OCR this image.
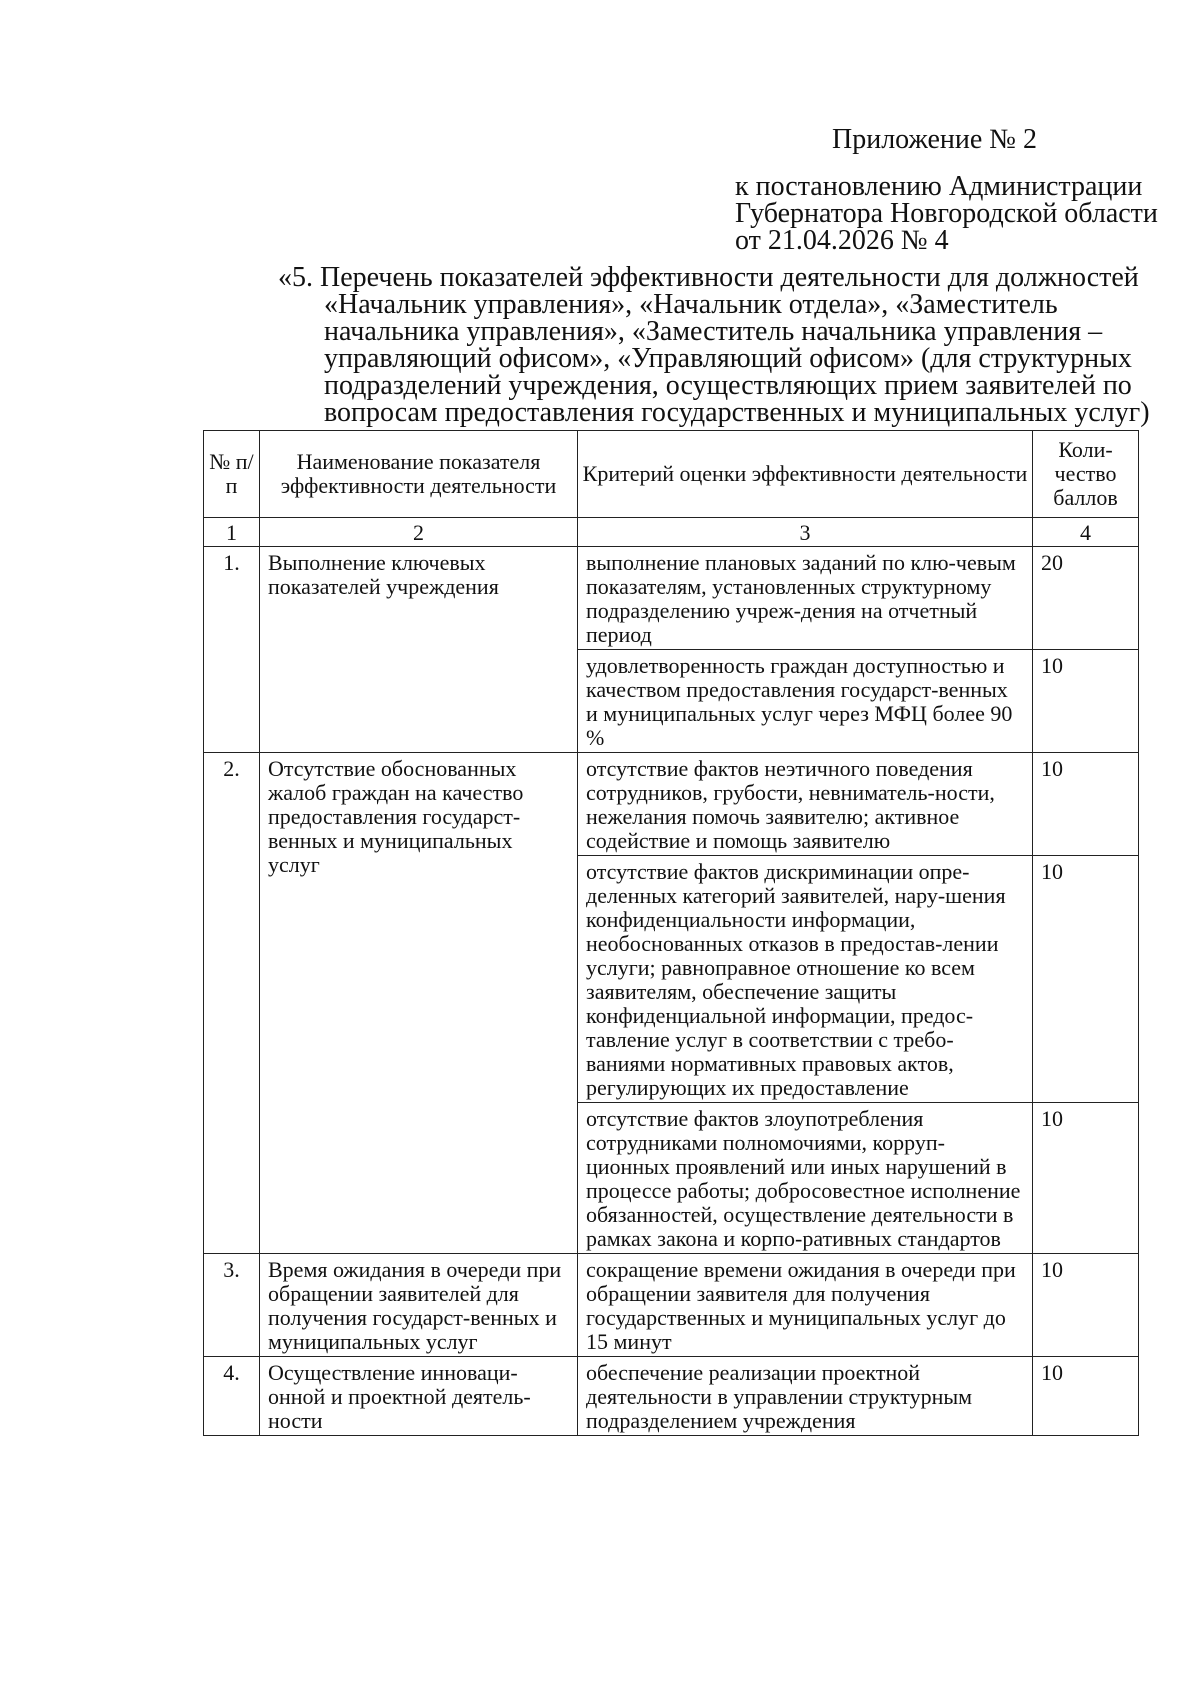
Приложение № 2
к постановлению Администрации
Губернатора Новгородской области
от 21.04.2026 № 4
«5. Перечень показателей эффективности деятельности для должностей
«Начальник управления», «Начальник отдела», «Заместитель начальника управления», «Заместитель начальника управления – управляющий офисом», «Управляющий офисом» (для структурных подразделений учреждения, осуществляющих прием заявителей по вопросам предоставления государственных и муниципальных услуг)
№ п/п	Наименование показателя эффективности деятельности	Критерий оценки эффективности деятельности	Коли-чество баллов
1	2	3	4
1.	Выполнение ключевых показателей учреждения	выполнение плановых заданий по клю-чевым показателям, установленных структурному подразделению учреж-дения на отчетный период	20
		удовлетворенность граждан доступностью и качеством предоставления государст-венных и муниципальных услуг через МФЦ более 90 %	10
2.	Отсутствие обоснованных жалоб граждан на качество предоставления государст-венных и муниципальных услуг	отсутствие фактов неэтичного поведения сотрудников, грубости, невниматель-ности, нежелания помочь заявителю; активное содействие и помощь заявителю	10
		отсутствие фактов дискриминации опре-деленных категорий заявителей, нару-шения конфиденциальности информации, необоснованных отказов в предостав-лении услуги; равноправное отношение ко всем заявителям, обеспечение защиты конфиденциальной информации, предос-тавление услуг в соответствии с требо-ваниями нормативных правовых актов, регулирующих их предоставление	10
		отсутствие фактов злоупотребления сотрудниками полномочиями, корруп-ционных проявлений или иных нарушений в процессе работы; добросовестное исполнение обязанностей, осуществление деятельности в рамках закона и корпо-ративных стандартов	10
3.	Время ожидания в очереди при обращении заявителей для получения государст-венных и муниципальных услуг	сокращение времени ожидания в очереди при обращении заявителя для получения государственных и муниципальных услуг до 15 минут	10
4.	Осуществление инноваци-онной и проектной деятель-ности	обеспечение реализации проектной деятельности в управлении структурным подразделением учреждения	10
